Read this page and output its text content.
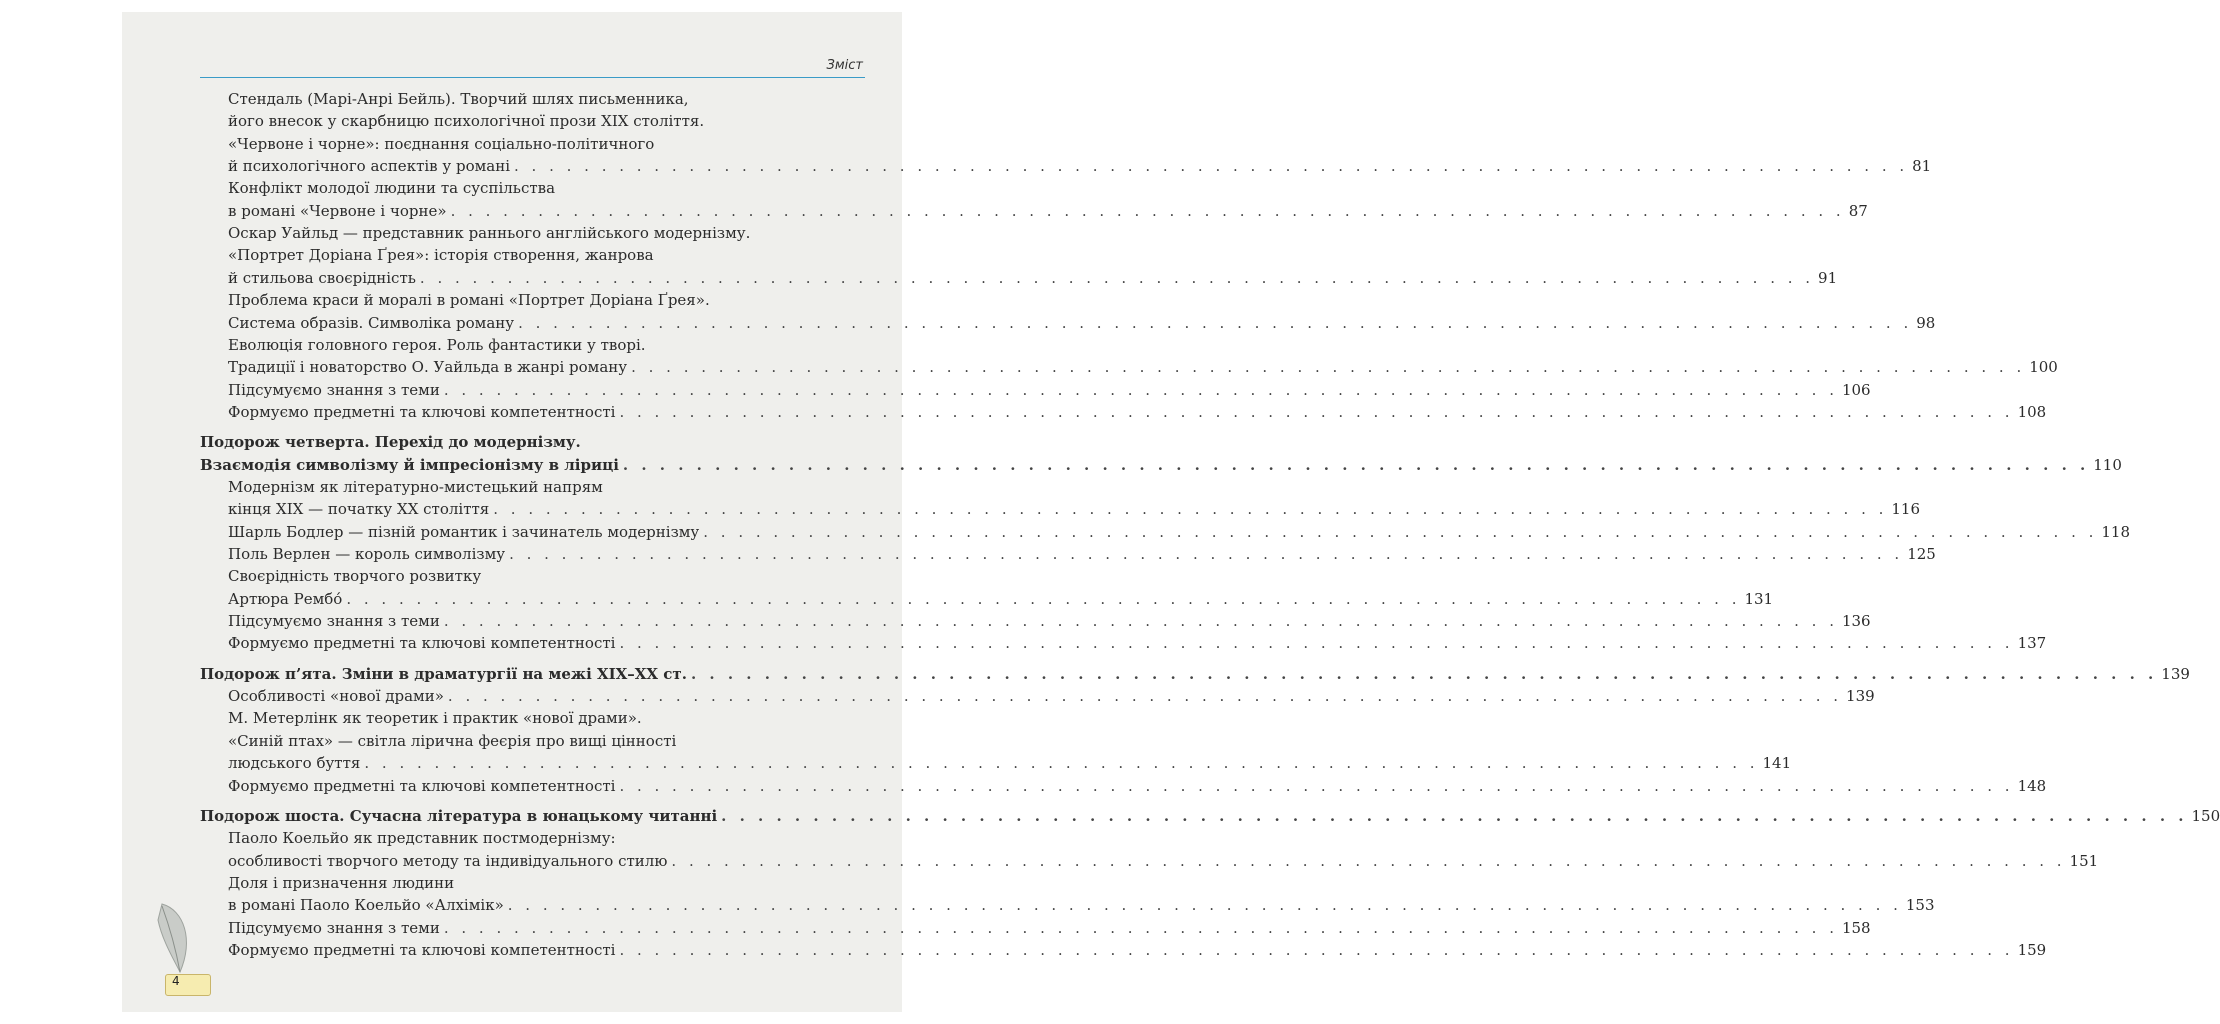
Зміст
Стендаль (Марі-Анрі Бейль). Творчий шлях письменника,
його внесок у скарбницю психологічної прози XIX століття.
«Червоне і чорне»: поєднання соціально-політичного
й психологічного аспектів у романі . . . . . . . . . . . . . . . . . . . . . . . . . . . . . . . . . . . . . . . . . . . . . . . . . . . . . . . . . . . . . . . . . . . . . . . . . . . . . . . . 81
Конфлікт молодої людини та суспільства
в романі «Червоне і чорне» . . . . . . . . . . . . . . . . . . . . . . . . . . . . . . . . . . . . . . . . . . . . . . . . . . . . . . . . . . . . . . . . . . . . . . . . . . . . . . . . 87
Оскар Уайльд — представник раннього англійського модернізму.
«Портрет Доріана Ґрея»: історія створення, жанрова
й стильова своєрідність . . . . . . . . . . . . . . . . . . . . . . . . . . . . . . . . . . . . . . . . . . . . . . . . . . . . . . . . . . . . . . . . . . . . . . . . . . . . . . . . 91
Проблема краси й моралі в романі «Портрет Доріана Ґрея».
Система образів. Символіка роману . . . . . . . . . . . . . . . . . . . . . . . . . . . . . . . . . . . . . . . . . . . . . . . . . . . . . . . . . . . . . . . . . . . . . . . . . . . . . . . . 98
Еволюція головного героя. Роль фантастики у творі.
Традиції і новаторство О. Уайльда в жанрі роману . . . . . . . . . . . . . . . . . . . . . . . . . . . . . . . . . . . . . . . . . . . . . . . . . . . . . . . . . . . . . . . . . . . . . . . . . . . . . . . . 100
Підсумуємо знання з теми . . . . . . . . . . . . . . . . . . . . . . . . . . . . . . . . . . . . . . . . . . . . . . . . . . . . . . . . . . . . . . . . . . . . . . . . . . . . . . . . 106
Формуємо предметні та ключові компетентності . . . . . . . . . . . . . . . . . . . . . . . . . . . . . . . . . . . . . . . . . . . . . . . . . . . . . . . . . . . . . . . . . . . . . . . . . . . . . . . . 108
Подорож четверта. Перехід до модернізму.
Взаємодія символізму й імпресіонізму в ліриці . . . . . . . . . . . . . . . . . . . . . . . . . . . . . . . . . . . . . . . . . . . . . . . . . . . . . . . . . . . . . . . . . . . . . . . . . . . . . . . . 110
Модернізм як літературно-мистецький напрям
кінця XIX — початку XX століття . . . . . . . . . . . . . . . . . . . . . . . . . . . . . . . . . . . . . . . . . . . . . . . . . . . . . . . . . . . . . . . . . . . . . . . . . . . . . . . . 116
Шарль Бодлер — пізній романтик і зачинатель модернізму . . . . . . . . . . . . . . . . . . . . . . . . . . . . . . . . . . . . . . . . . . . . . . . . . . . . . . . . . . . . . . . . . . . . . . . . . . . . . . . . 118
Поль Верлен — король символізму . . . . . . . . . . . . . . . . . . . . . . . . . . . . . . . . . . . . . . . . . . . . . . . . . . . . . . . . . . . . . . . . . . . . . . . . . . . . . . . . 125
Своєрідність творчого розвитку
Артюра Рембо́ . . . . . . . . . . . . . . . . . . . . . . . . . . . . . . . . . . . . . . . . . . . . . . . . . . . . . . . . . . . . . . . . . . . . . . . . . . . . . . . . 131
Підсумуємо знання з теми . . . . . . . . . . . . . . . . . . . . . . . . . . . . . . . . . . . . . . . . . . . . . . . . . . . . . . . . . . . . . . . . . . . . . . . . . . . . . . . . 136
Формуємо предметні та ключові компетентності . . . . . . . . . . . . . . . . . . . . . . . . . . . . . . . . . . . . . . . . . . . . . . . . . . . . . . . . . . . . . . . . . . . . . . . . . . . . . . . . 137
Подорож п’ята. Зміни в драматургії на межі XIX–XX ст. . . . . . . . . . . . . . . . . . . . . . . . . . . . . . . . . . . . . . . . . . . . . . . . . . . . . . . . . . . . . . . . . . . . . . . . . . . . . . . . . 139
Особливості «нової драми» . . . . . . . . . . . . . . . . . . . . . . . . . . . . . . . . . . . . . . . . . . . . . . . . . . . . . . . . . . . . . . . . . . . . . . . . . . . . . . . . 139
М. Метерлінк як теоретик і практик «нової драми».
«Синій птах» — світла лірична феєрія про вищі цінності
людського буття . . . . . . . . . . . . . . . . . . . . . . . . . . . . . . . . . . . . . . . . . . . . . . . . . . . . . . . . . . . . . . . . . . . . . . . . . . . . . . . . 141
Формуємо предметні та ключові компетентності . . . . . . . . . . . . . . . . . . . . . . . . . . . . . . . . . . . . . . . . . . . . . . . . . . . . . . . . . . . . . . . . . . . . . . . . . . . . . . . . 148
Подорож шоста. Сучасна література в юнацькому читанні . . . . . . . . . . . . . . . . . . . . . . . . . . . . . . . . . . . . . . . . . . . . . . . . . . . . . . . . . . . . . . . . . . . . . . . . . . . . . . . . 150
Паоло Коельйо як представник постмодернізму:
особливості творчого методу та індивідуального стилю . . . . . . . . . . . . . . . . . . . . . . . . . . . . . . . . . . . . . . . . . . . . . . . . . . . . . . . . . . . . . . . . . . . . . . . . . . . . . . . . 151
Доля і призначення людини
в романі Паоло Коельйо «Алхімік» . . . . . . . . . . . . . . . . . . . . . . . . . . . . . . . . . . . . . . . . . . . . . . . . . . . . . . . . . . . . . . . . . . . . . . . . . . . . . . . . 153
Підсумуємо знання з теми . . . . . . . . . . . . . . . . . . . . . . . . . . . . . . . . . . . . . . . . . . . . . . . . . . . . . . . . . . . . . . . . . . . . . . . . . . . . . . . . 158
Формуємо предметні та ключові компетентності . . . . . . . . . . . . . . . . . . . . . . . . . . . . . . . . . . . . . . . . . . . . . . . . . . . . . . . . . . . . . . . . . . . . . . . . . . . . . . . . 159
4
